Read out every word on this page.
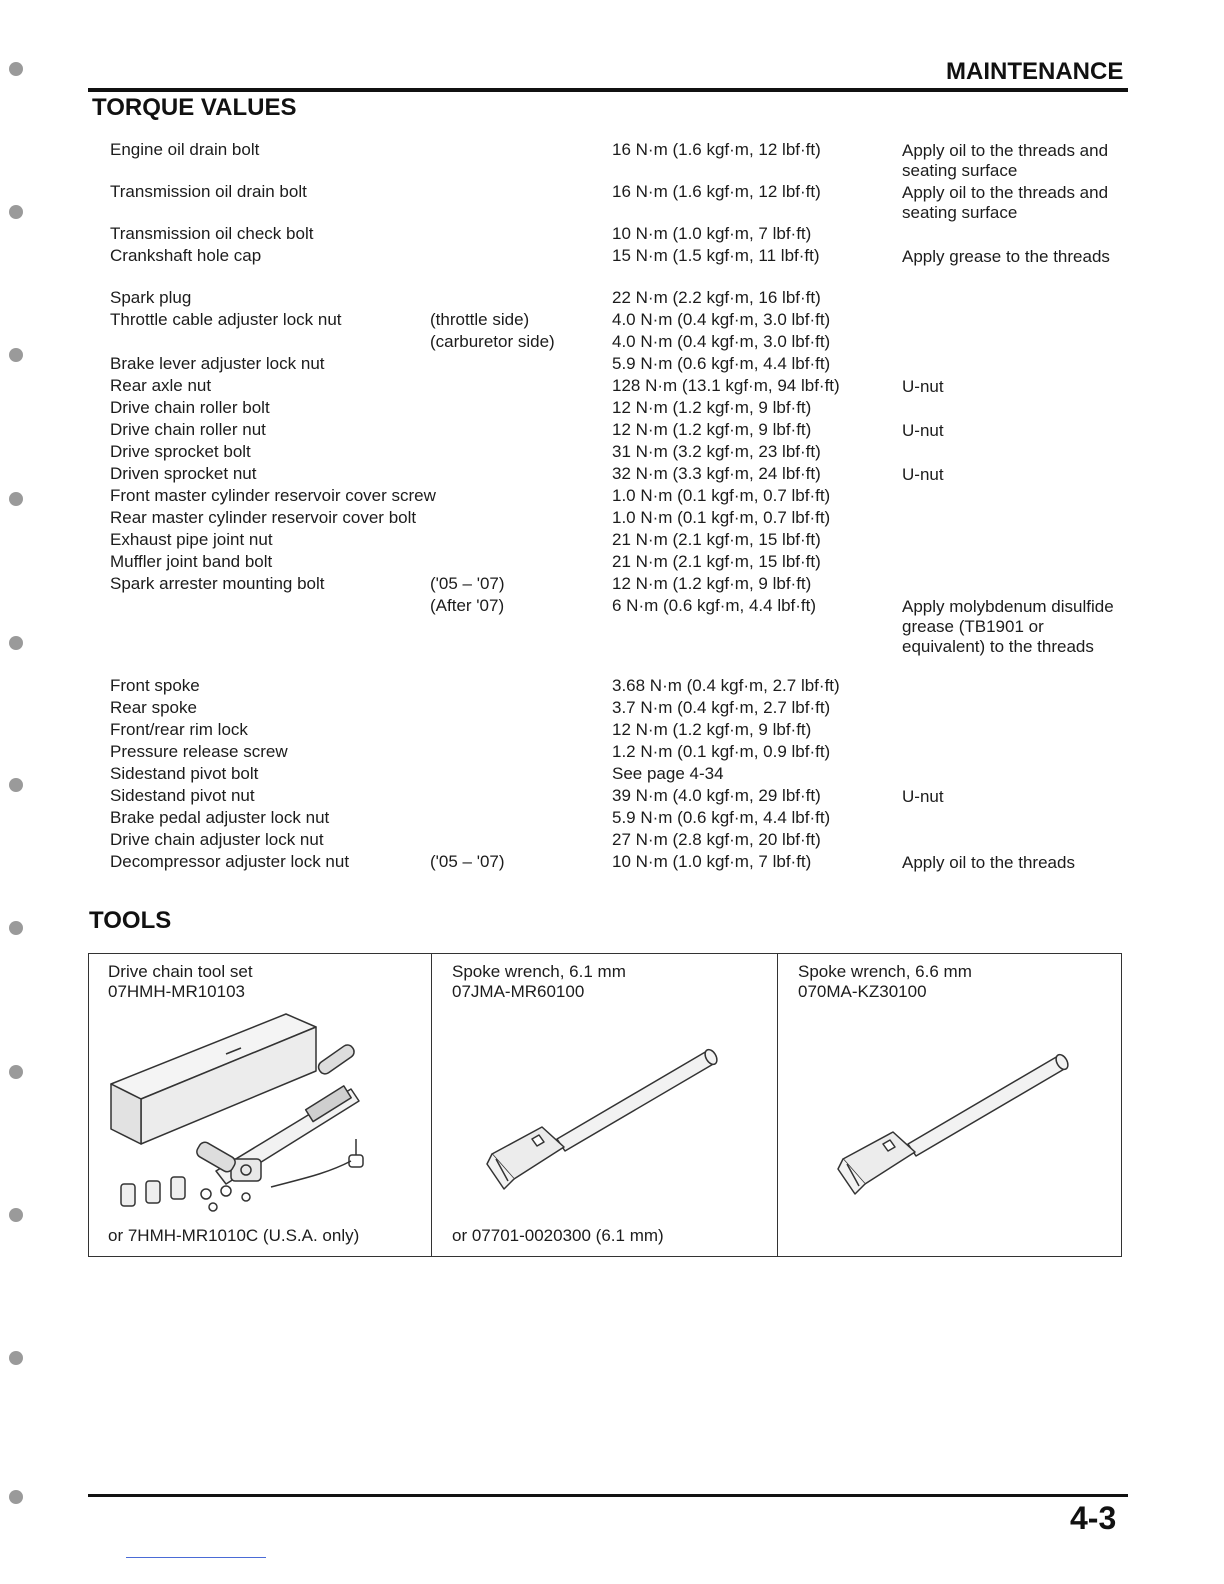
MAINTENANCE
TORQUE VALUES
Engine oil drain bolt	16 N·m (1.6 kgf·m, 12 lbf·ft)	Apply oil to the threads and seating surface
Transmission oil drain bolt	16 N·m (1.6 kgf·m, 12 lbf·ft)	Apply oil to the threads and seating surface
Transmission oil check bolt	10 N·m (1.0 kgf·m, 7 lbf·ft)
Crankshaft hole cap	15 N·m (1.5 kgf·m, 11 lbf·ft)	Apply grease to the threads
Spark plug	22 N·m (2.2 kgf·m, 16 lbf·ft)
Throttle cable adjuster lock nut	(throttle side)	4.0 N·m (0.4 kgf·m, 3.0 lbf·ft)
(carburetor side)	4.0 N·m (0.4 kgf·m, 3.0 lbf·ft)
Brake lever adjuster lock nut	5.9 N·m (0.6 kgf·m, 4.4 lbf·ft)
Rear axle nut	128 N·m (13.1 kgf·m, 94 lbf·ft)	U-nut
Drive chain roller bolt	12 N·m (1.2 kgf·m, 9 lbf·ft)
Drive chain roller nut	12 N·m (1.2 kgf·m, 9 lbf·ft)	U-nut
Drive sprocket bolt	31 N·m (3.2 kgf·m, 23 lbf·ft)
Driven sprocket nut	32 N·m (3.3 kgf·m, 24 lbf·ft)	U-nut
Front master cylinder reservoir cover screw	1.0 N·m (0.1 kgf·m, 0.7 lbf·ft)
Rear master cylinder reservoir cover bolt	1.0 N·m (0.1 kgf·m, 0.7 lbf·ft)
Exhaust pipe joint nut	21 N·m (2.1 kgf·m, 15 lbf·ft)
Muffler joint band bolt	21 N·m (2.1 kgf·m, 15 lbf·ft)
Spark arrester mounting bolt	('05 – '07)	12 N·m (1.2 kgf·m, 9 lbf·ft)
(After '07)	6 N·m (0.6 kgf·m, 4.4 lbf·ft)	Apply molybdenum disulfide grease (TB1901 or equivalent) to the threads
Front spoke	3.68 N·m (0.4 kgf·m, 2.7 lbf·ft)
Rear spoke	3.7 N·m (0.4 kgf·m, 2.7 lbf·ft)
Front/rear rim lock	12 N·m (1.2 kgf·m, 9 lbf·ft)
Pressure release screw	1.2 N·m (0.1 kgf·m, 0.9 lbf·ft)
Sidestand pivot bolt	See page 4-34
Sidestand pivot nut	39 N·m (4.0 kgf·m, 29 lbf·ft)	U-nut
Brake pedal adjuster lock nut	5.9 N·m (0.6 kgf·m, 4.4 lbf·ft)
Drive chain adjuster lock nut	27 N·m (2.8 kgf·m, 20 lbf·ft)
Decompressor adjuster lock nut	('05 – '07)	10 N·m (1.0 kgf·m, 7 lbf·ft)	Apply oil to the threads
TOOLS
Drive chain tool set
07HMH-MR10103
or 7HMH-MR1010C (U.S.A. only)
Spoke wrench, 6.1 mm
07JMA-MR60100
or 07701-0020300 (6.1 mm)
Spoke wrench, 6.6 mm
070MA-KZ30100
4-3
